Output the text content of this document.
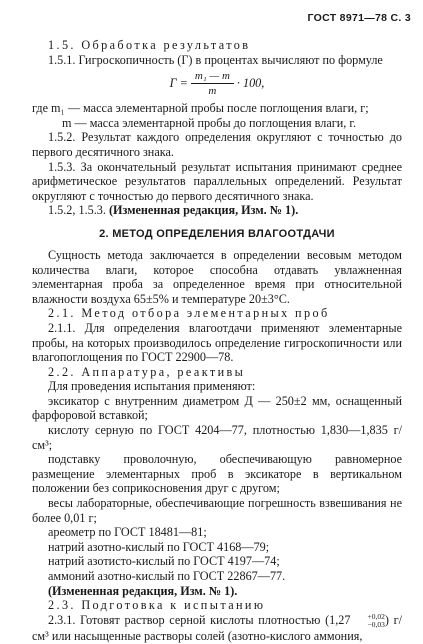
ГОСТ 8971—78 С. 3

1.5. Обработка результатов

1.5.1. Гигроскопичность (Г) в процентах вычисляют по формуле

$Г = \frac{\text{m₁ — m}}{m} \cdot 100$,

где m₁ — масса элементарной пробы после поглощения влаги, г;

m — масса элементарной пробы до поглощения влаги, г.

1.5.2. Результат каждого определения округляют с точностью до первого десятичного знака.

1.5.3. За окончательный результат испытания принимают среднее арифметическое результатов параллельных определений. Результат округляют с точностью до первого десятичного знака.

1.5.2, 1.5.3. (Измененная редакция, Изм. № 1).

2. МЕТОД ОПРЕДЕЛЕНИЯ ВЛАГООТДАЧИ

Сущность метода заключается в определении весовым методом количества влаги, которое способна отдавать увлажненная элементарная проба за определенное время при относительной влажности воздуха 65±5% и температуре 20±3°С.

2.1. Метод отбора элементарных проб

2.1.1. Для определения влагоотдачи применяют элементарные пробы, на которых производилось определение гигроскопичности или влагопоглощения по ГОСТ 22900—78.

2.2. Аппаратура, реактивы

Для проведения испытания применяют:

эксикатор с внутренним диаметром Д — 250±2 мм, оснащенный фарфоровой вставкой;

кислоту серную по ГОСТ 4204—77, плотностью 1,830—1,835 г/см³;

подставку проволочную, обеспечивающую равномерное размещение элементарных проб в эксикаторе в вертикальном положении без соприкосновения друг с другом;

весы лабораторные, обеспечивающие погрешность взвешивания не более 0,01 г;

ареометр по ГОСТ 18481—81;

натрий азотно-кислый по ГОСТ 4168—79;

натрий азотисто-кислый по ГОСТ 4197—74;

аммоний азотно-кислый по ГОСТ 22867—77.

(Измененная редакция, Изм. № 1).

2.3. Подготовка к испытанию

2.3.1. Готовят раствор серной кислоты плотностью (1,27	+0,02
−0,03 ) г/см³ или насыщенные растворы солей (азотно-кислого аммония,
